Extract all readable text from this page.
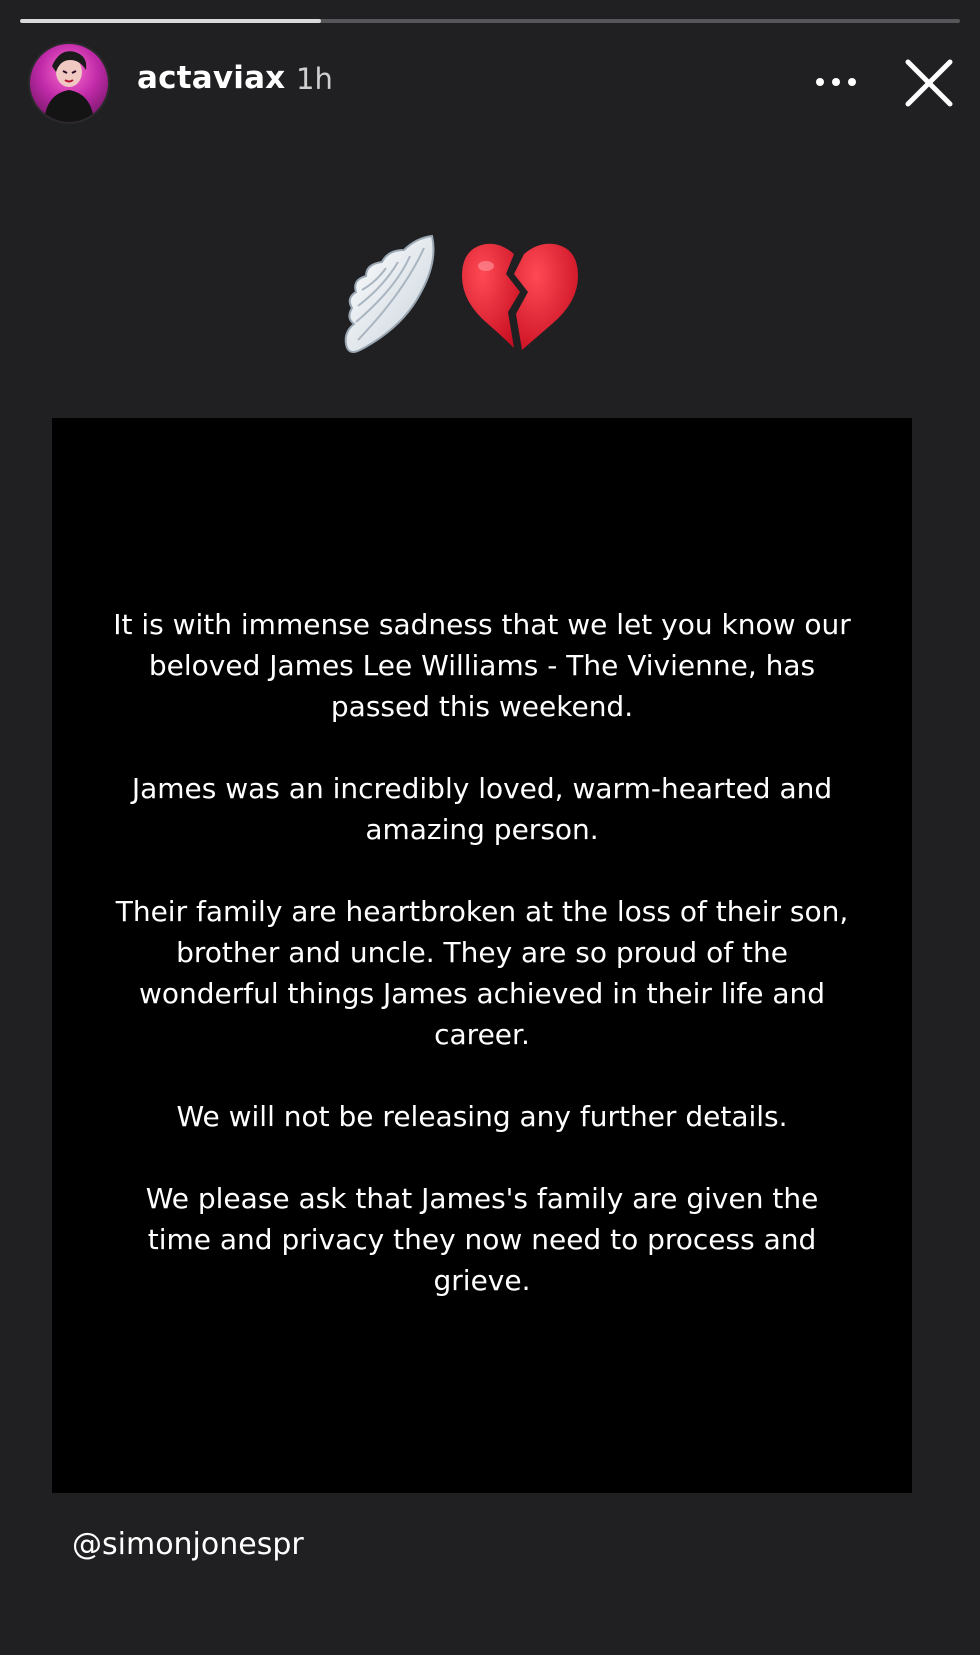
actaviax 1h

It is with immense sadness that we let you know our beloved James Lee Williams - The Vivienne, has passed this weekend.

James was an incredibly loved, warm-hearted and amazing person.

Their family are heartbroken at the loss of their son, brother and uncle. They are so proud of the wonderful things James achieved in their life and career.

We will not be releasing any further details.

We please ask that James's family are given the time and privacy they now need to process and grieve.

@simonjonespr
